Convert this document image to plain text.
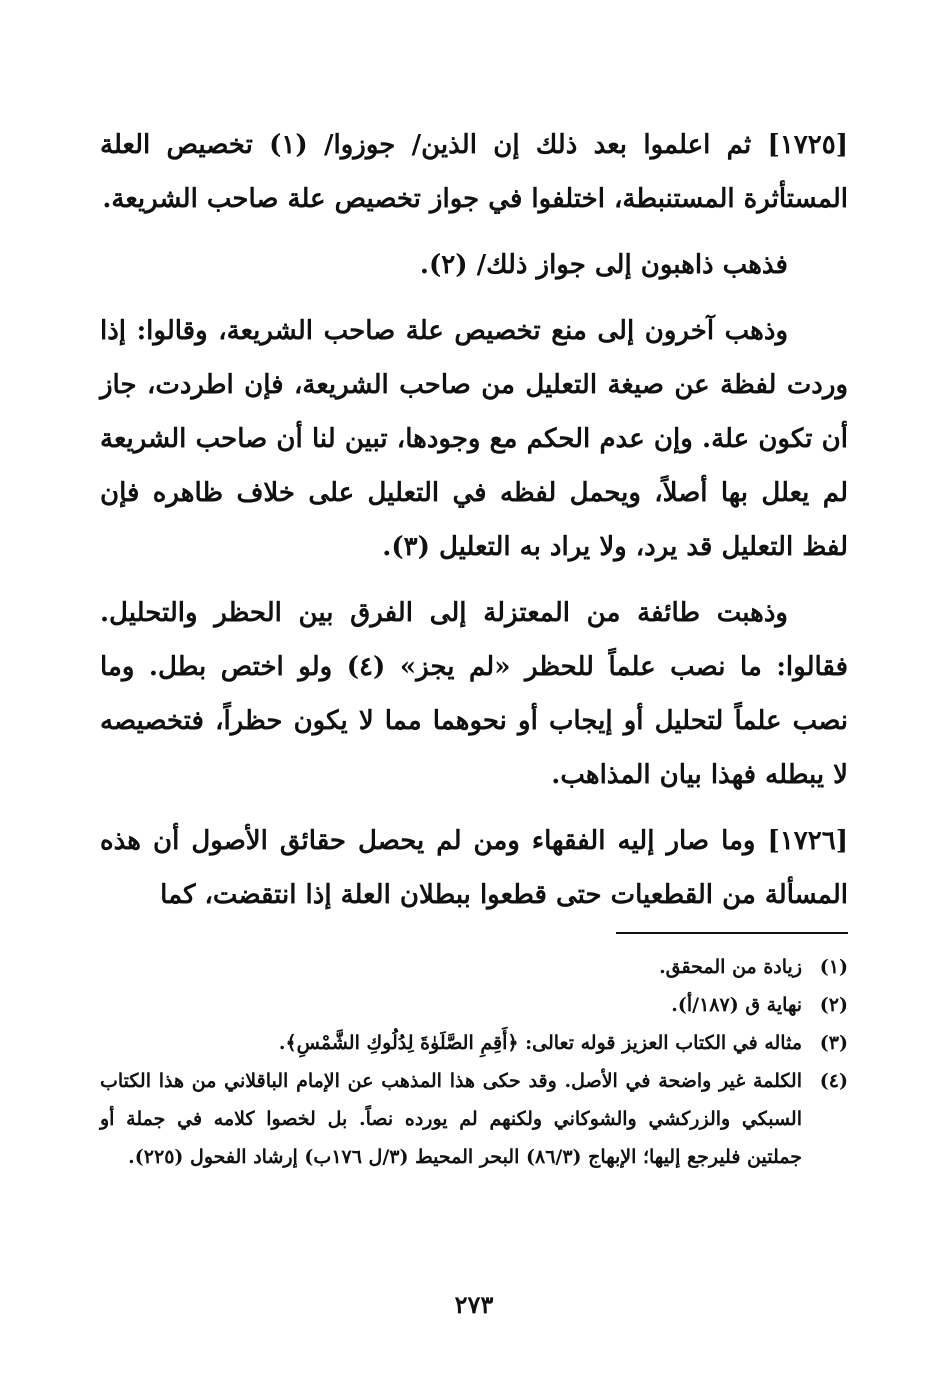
[١٧٢٥] ثم اعلموا بعد ذلك إن الذين/ جوزوا/ (١) تخصيص العلة المستأثرة المستنبطة، اختلفوا في جواز تخصيص علة صاحب الشريعة.

فذهب ذاهبون إلى جواز ذلك/ (٢).

وذهب آخرون إلى منع تخصيص علة صاحب الشريعة، وقالوا: إذا وردت لفظة عن صيغة التعليل من صاحب الشريعة، فإن اطردت، جاز أن تكون علة. وإن عدم الحكم مع وجودها، تبين لنا أن صاحب الشريعة لم يعلل بها أصلاً، ويحمل لفظه في التعليل على خلاف ظاهره فإن لفظ التعليل قد يرد، ولا يراد به التعليل (٣).

وذهبت طائفة من المعتزلة إلى الفرق بين الحظر والتحليل. فقالوا: ما نصب علماً للحظر «لم يجز» (٤) ولو اختص بطل. وما نصب علماً لتحليل أو إيجاب أو نحوهما مما لا يكون حظراً، فتخصيصه لا يبطله فهذا بيان المذاهب.

[١٧٢٦] وما صار إليه الفقهاء ومن لم يحصل حقائق الأصول أن هذه المسألة من القطعيات حتى قطعوا ببطلان العلة إذا انتقضت، كما

(١)
زيادة من المحقق.

(٢)
نهاية ق (١٨٧/أ).

(٣)
مثاله في الكتاب العزيز قوله تعالى: ﴿أَقِمِ الصَّلَوٰةَ لِدُلُوكِ الشَّمْسِ﴾.

(٤)
الكلمة غير واضحة في الأصل. وقد حكى هذا المذهب عن الإمام الباقلاني من هذا الكتاب السبكي والزركشي والشوكاني ولكنهم لم يورده نصاً. بل لخصوا كلامه في جملة أو جملتين فليرجع إليها؛ الإبهاج (٨٦/٣) البحر المحيط (٣/ل ١٧٦ب) إرشاد الفحول (٢٢٥).

٢٧٣
